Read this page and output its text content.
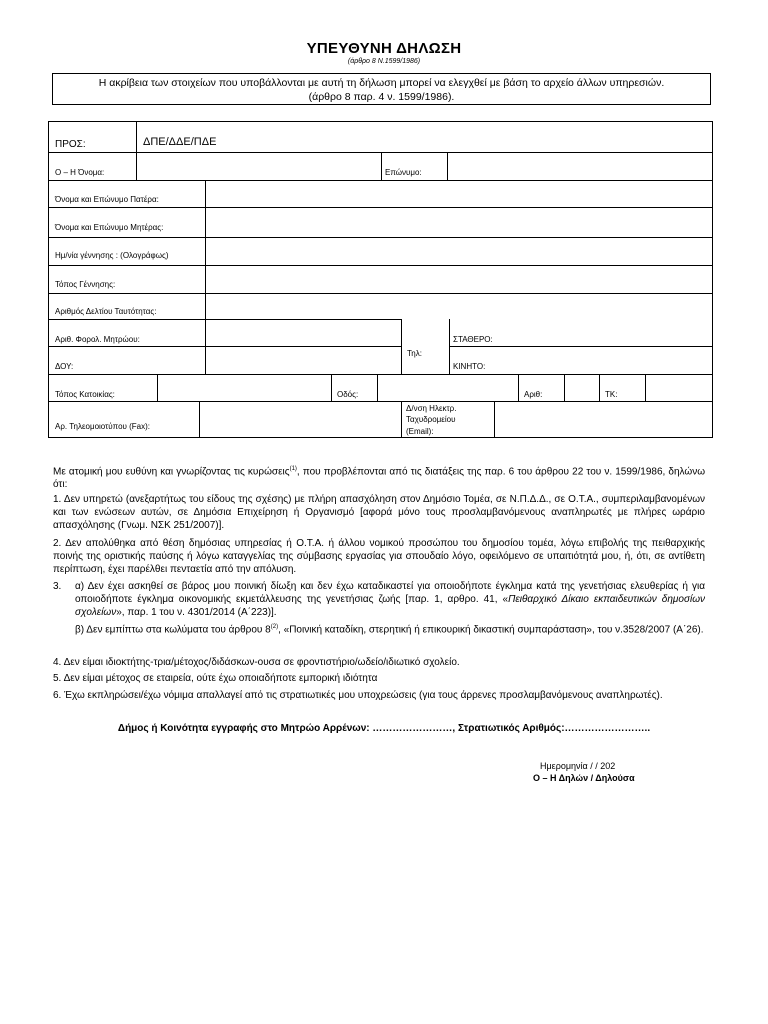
ΥΠΕΥΘΥΝΗ ΔΗΛΩΣΗ
(άρθρο 8 Ν.1599/1986)
Η ακρίβεια των στοιχείων που υποβάλλονται με αυτή τη δήλωση μπορεί να ελεγχθεί με βάση το αρχείο άλλων υπηρεσιών.
(άρθρο 8 παρ. 4 ν. 1599/1986).
ΠΡΟΣ:	ΔΠΕ/ΔΔΕ/ΠΔΕ
Ο – Η Όνομα:	Επώνυμο:
Όνομα και Επώνυμο Πατέρα:
Όνομα και Επώνυμο Μητέρας:
Ημ/νία γέννησης : (Ολογράφως)
Τόπος Γέννησης:
Αριθμός Δελτίου Ταυτότητας:
Αριθ. Φορολ. Μητρώου:
ΔΟΥ:
Τηλ:
ΣΤΑΘΕΡΟ:
ΚΙΝΗΤΟ:
Τόπος Κατοικίας:	Οδός:	Αριθ:	ΤΚ:
Αρ. Τηλεομοιοτύπου (Fax):
Δ/νση Ηλεκτρ.
Ταχυδρομείου
(Εmail):
Με ατομική μου ευθύνη και γνωρίζοντας τις κυρώσεις$^{(1)}$, που προβλέπονται από τις διατάξεις της παρ. 6 του άρθρου 22 του ν. 1599/1986, δηλώνω ότι:
1. Δεν υπηρετώ (ανεξαρτήτως του είδους της σχέσης) με πλήρη απασχόληση στον Δημόσιο Τομέα, σε Ν.Π.Δ.Δ., σε Ο.Τ.Α., συμπεριλαμβανομένων και των ενώσεων αυτών, σε Δημόσια Επιχείρηση ή Οργανισμό [αφορά μόνο τους προσλαμβανόμενους αναπληρωτές με πλήρες ωράριο απασχόλησης (Γνωμ. ΝΣΚ 251/2007)].
2. Δεν απολύθηκα από θέση δημόσιας υπηρεσίας ή Ο.Τ.Α. ή άλλου νομικού προσώπου του δημοσίου τομέα, λόγω επιβολής της πειθαρχικής ποινής της οριστικής παύσης ή λόγω καταγγελίας της σύμβασης εργασίας για σπουδαίο λόγο, οφειλόμενο σε υπαιτιότητά μου, ή, ότι, σε αντίθετη περίπτωση, έχει παρέλθει πενταετία από την απόλυση.
3. α) Δεν έχει ασκηθεί σε βάρος μου ποινική δίωξη και δεν έχω καταδικαστεί για οποιοδήποτε έγκλημα κατά της γενετήσιας ελευθερίας ή για οποιοδήποτε έγκλημα οικονομικής εκμετάλλευσης της γενετήσιας ζωής [παρ. 1, αρθρο. 41, «Πειθαρχικό Δίκαιο εκπαιδευτικών δημοσίων σχολείων», παρ. 1 του ν. 4301/2014 (Α΄223)].
β) Δεν εμπίπτω στα κωλύματα του άρθρου 8$^{(2)}$, «Ποινική καταδίκη, στερητική ή επικουρική δικαστική συμπαράσταση», του ν.3528/2007 (Α΄26).
4. Δεν είμαι ιδιοκτήτης-τρια/μέτοχος/διδάσκων-ουσα σε φροντιστήριο/ωδείο/ιδιωτικό σχολείο.
5. Δεν είμαι μέτοχος σε εταιρεία, ούτε έχω οποιαδήποτε εμπορική ιδιότητα
6. Έχω εκπληρώσει/έχω νόμιμα απαλλαγεί από τις στρατιωτικές μου υποχρεώσεις (για τους άρρενες προσλαμβανόμενους αναπληρωτές).
Δήμος ή Κοινότητα εγγραφής στο Μητρώο Αρρένων: ……………………, Στρατιωτικός Αριθμός:……………………..
Ημερομηνία / / 202
Ο – Η Δηλών / Δηλούσα
